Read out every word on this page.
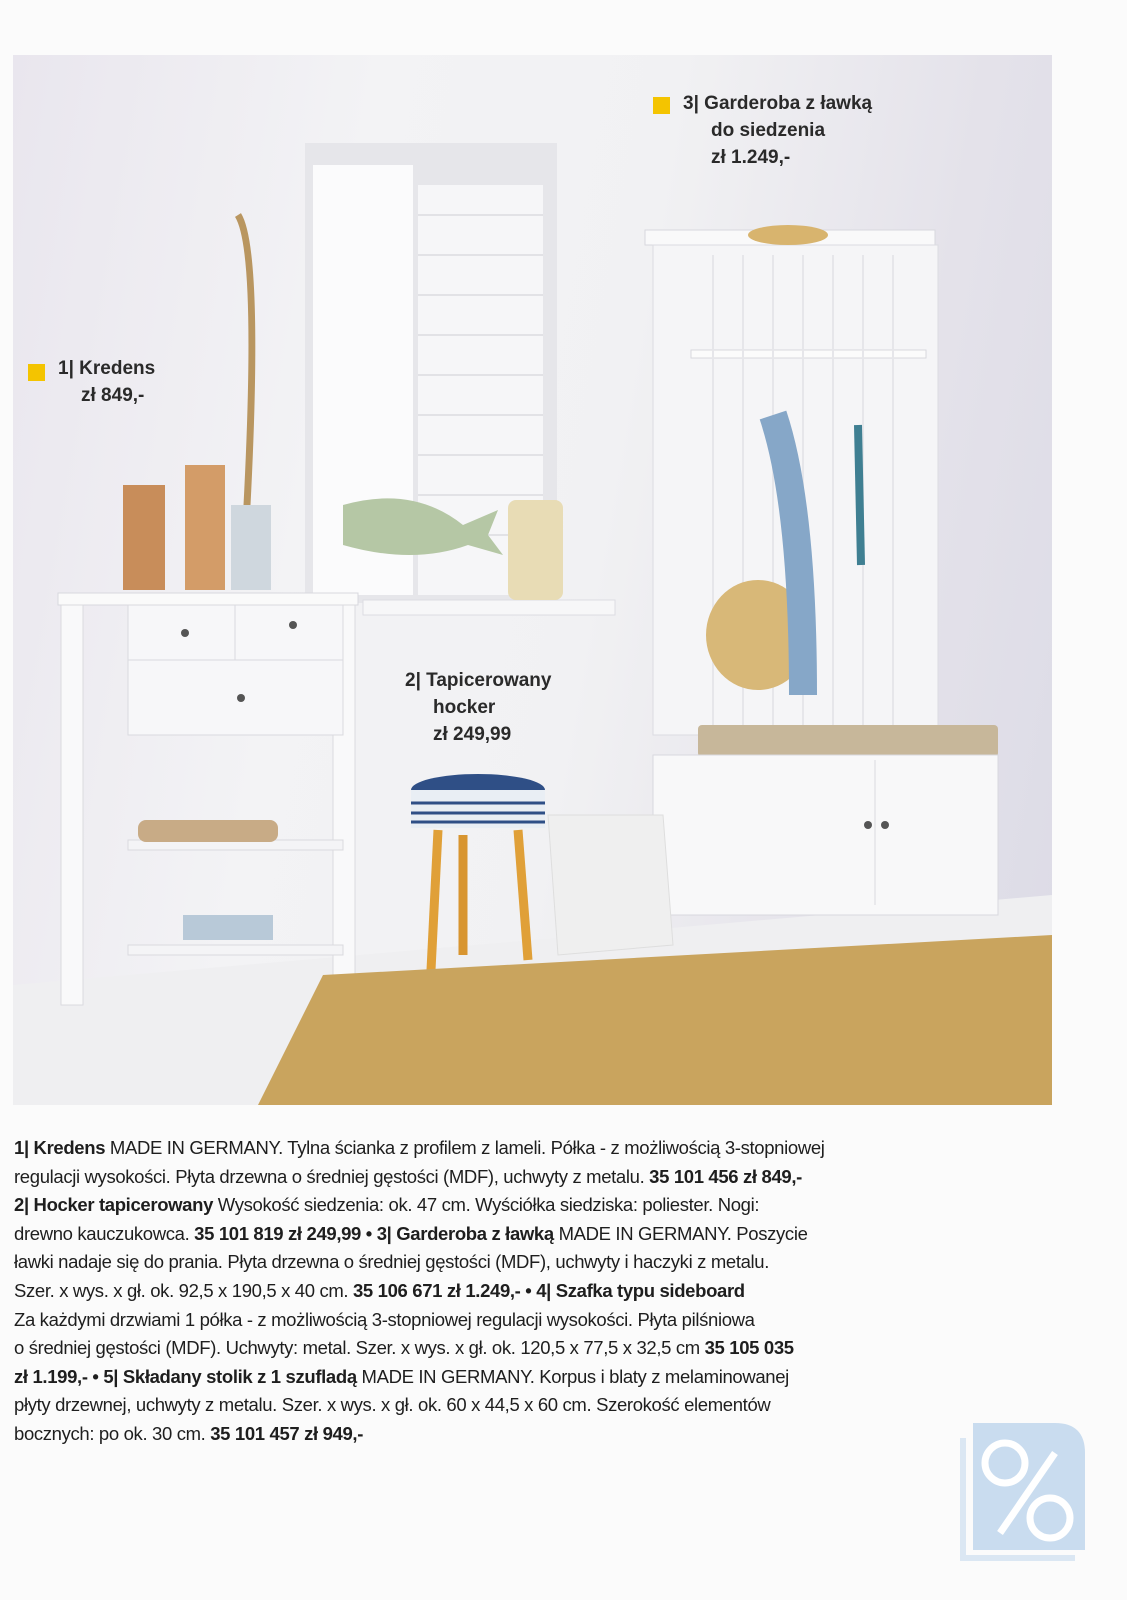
1| Kredens
zł 849,-
2| Tapicerowany
hocker
zł 249,99
3| Garderoba z ławką
do siedzenia
zł 1.249,-
1| Kredens MADE IN GERMANY. Tylna ścianka z profilem z lameli. Półka - z możliwością 3-stopniowej
regulacji wysokości. Płyta drzewna o średniej gęstości (MDF), uchwyty z metalu. 35 101 456 zł 849,-
2| Hocker tapicerowany Wysokość siedzenia: ok. 47 cm. Wyściółka siedziska: poliester. Nogi:
drewno kauczukowca. 35 101 819 zł 249,99 • 3| Garderoba z ławką MADE IN GERMANY. Poszycie
ławki nadaje się do prania. Płyta drzewna o średniej gęstości (MDF), uchwyty i haczyki z metalu.
Szer. x wys. x gł. ok. 92,5 x 190,5 x 40 cm. 35 106 671 zł 1.249,- • 4| Szafka typu sideboard
Za każdymi drzwiami 1 półka - z możliwością 3-stopniowej regulacji wysokości. Płyta pilśniowa
o średniej gęstości (MDF). Uchwyty: metal. Szer. x wys. x gł. ok. 120,5 x 77,5 x 32,5 cm 35 105 035
zł 1.199,- • 5| Składany stolik z 1 szufladą MADE IN GERMANY. Korpus i blaty z melaminowanej
płyty drzewnej, uchwyty z metalu. Szer. x wys. x gł. ok. 60 x 44,5 x 60 cm. Szerokość elementów
bocznych: po ok. 30 cm. 35 101 457 zł 949,-
